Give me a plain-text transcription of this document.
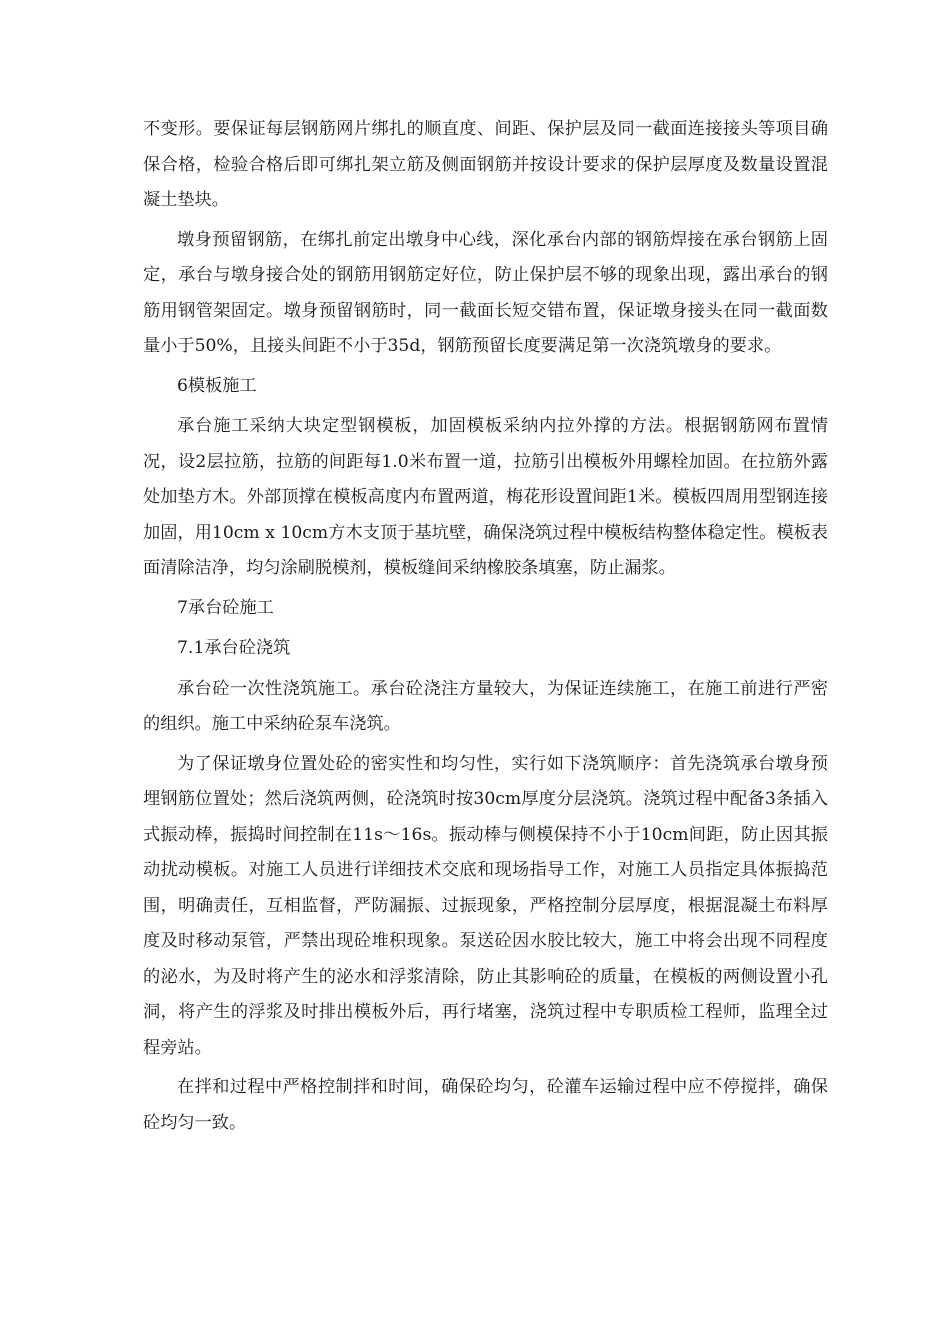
不变形。要保证每层钢筋网片绑扎的顺直度、间距、保护层及同一截面连接接头等项目确保合格，检验合格后即可绑扎架立筋及侧面钢筋并按设计要求的保护层厚度及数量设置混凝土垫块。

墩身预留钢筋，在绑扎前定出墩身中心线，深化承台内部的钢筋焊接在承台钢筋上固定，承台与墩身接合处的钢筋用钢筋定好位，防止保护层不够的现象出现，露出承台的钢筋用钢管架固定。墩身预留钢筋时，同一截面长短交错布置，保证墩身接头在同一截面数量小于50%，且接头间距不小于35d，钢筋预留长度要满足第一次浇筑墩身的要求。

6模板施工

承台施工采纳大块定型钢模板，加固模板采纳内拉外撑的方法。根据钢筋网布置情况，设2层拉筋，拉筋的间距每1.0米布置一道，拉筋引出模板外用螺栓加固。在拉筋外露处加垫方木。外部顶撑在模板高度内布置两道，梅花形设置间距1米。模板四周用型钢连接加固，用10cm x 10cm方木支顶于基坑壁，确保浇筑过程中模板结构整体稳定性。模板表面清除洁净，均匀涂刷脱模剂，模板缝间采纳橡胶条填塞，防止漏浆。

7承台砼施工

7.1承台砼浇筑

承台砼一次性浇筑施工。承台砼浇注方量较大，为保证连续施工，在施工前进行严密的组织。施工中采纳砼泵车浇筑。

为了保证墩身位置处砼的密实性和均匀性，实行如下浇筑顺序：首先浇筑承台墩身预埋钢筋位置处；然后浇筑两侧，砼浇筑时按30cm厚度分层浇筑。浇筑过程中配备3条插入式振动棒，振捣时间控制在11s〜16s。振动棒与侧模保持不小于10cm间距，防止因其振动扰动模板。对施工人员进行详细技术交底和现场指导工作，对施工人员指定具体振捣范围，明确责任，互相监督，严防漏振、过振现象，严格控制分层厚度，根据混凝土布料厚度及时移动泵管，严禁出现砼堆积现象。泵送砼因水胶比较大，施工中将会出现不同程度的泌水，为及时将产生的泌水和浮浆清除，防止其影响砼的质量，在模板的两侧设置小孔洞，将产生的浮浆及时排出模板外后，再行堵塞，浇筑过程中专职质检工程师，监理全过程旁站。

在拌和过程中严格控制拌和时间，确保砼均匀，砼灌车运输过程中应不停搅拌，确保砼均匀一致。
